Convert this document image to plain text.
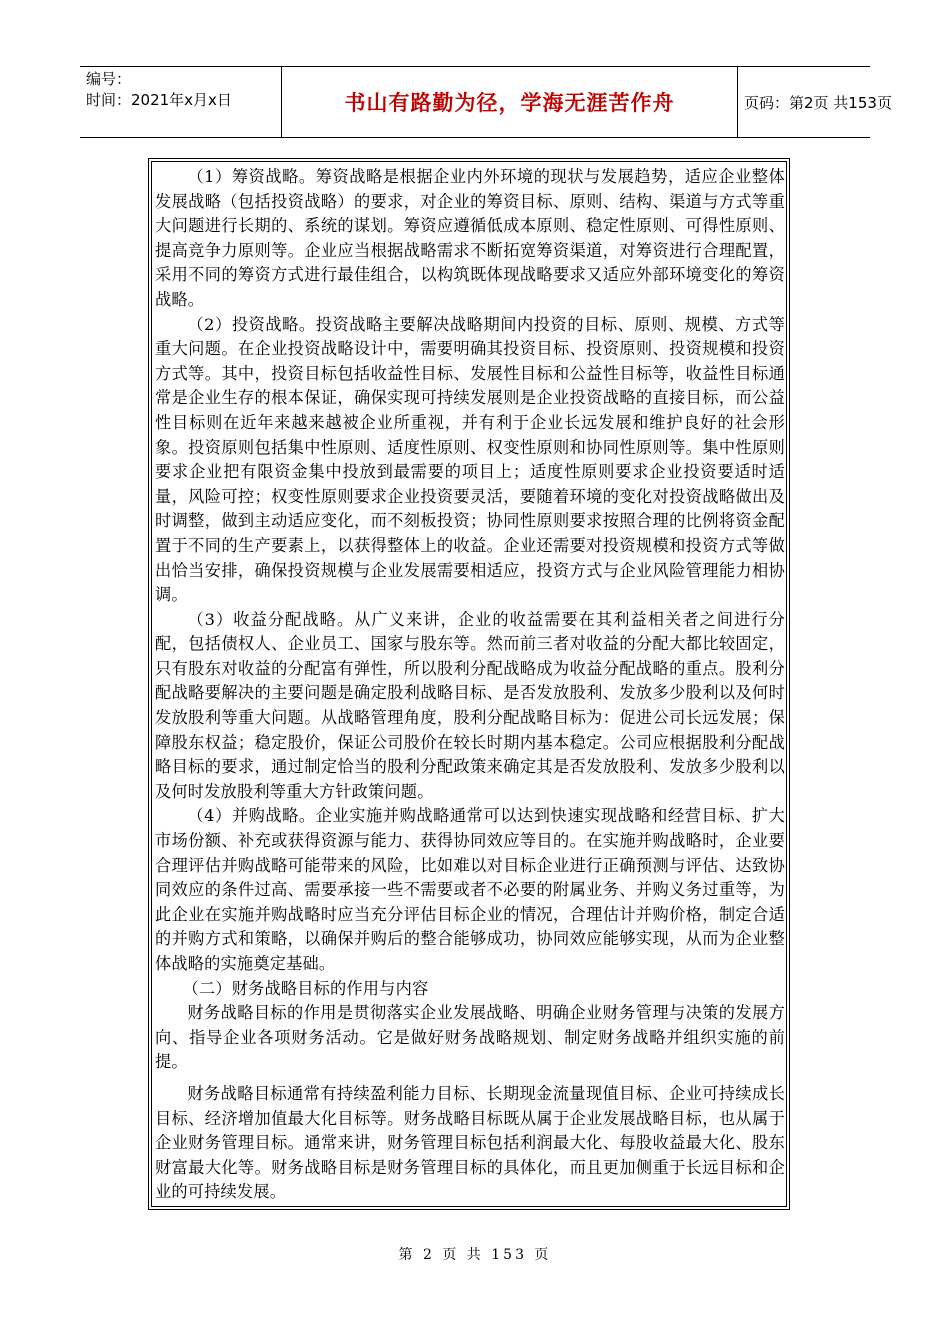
编号：
时间：2021年x月x日	书山有路勤为径，学海无涯苦作舟	页码：第2页 共153页

（1）筹资战略。筹资战略是根据企业内外环境的现状与发展趋势，适应企业整体发展战略（包括投资战略）的要求，对企业的筹资目标、原则、结构、渠道与方式等重大问题进行长期的、系统的谋划。筹资应遵循低成本原则、稳定性原则、可得性原则、提高竞争力原则等。企业应当根据战略需求不断拓宽筹资渠道，对筹资进行合理配置，采用不同的筹资方式进行最佳组合，以构筑既体现战略要求又适应外部环境变化的筹资战略。

（2）投资战略。投资战略主要解决战略期间内投资的目标、原则、规模、方式等重大问题。在企业投资战略设计中，需要明确其投资目标、投资原则、投资规模和投资方式等。其中，投资目标包括收益性目标、发展性目标和公益性目标等，收益性目标通常是企业生存的根本保证，确保实现可持续发展则是企业投资战略的直接目标，而公益性目标则在近年来越来越被企业所重视，并有利于企业长远发展和维护良好的社会形象。投资原则包括集中性原则、适度性原则、权变性原则和协同性原则等。集中性原则要求企业把有限资金集中投放到最需要的项目上；适度性原则要求企业投资要适时适量，风险可控；权变性原则要求企业投资要灵活，要随着环境的变化对投资战略做出及时调整，做到主动适应变化，而不刻板投资；协同性原则要求按照合理的比例将资金配置于不同的生产要素上，以获得整体上的收益。企业还需要对投资规模和投资方式等做出恰当安排，确保投资规模与企业发展需要相适应，投资方式与企业风险管理能力相协调。

（3）收益分配战略。从广义来讲，企业的收益需要在其利益相关者之间进行分配，包括债权人、企业员工、国家与股东等。然而前三者对收益的分配大都比较固定，只有股东对收益的分配富有弹性，所以股利分配战略成为收益分配战略的重点。股利分配战略要解决的主要问题是确定股利战略目标、是否发放股利、发放多少股利以及何时发放股利等重大问题。从战略管理角度，股利分配战略目标为：促进公司长远发展；保障股东权益；稳定股价，保证公司股价在较长时期内基本稳定。公司应根据股利分配战略目标的要求，通过制定恰当的股利分配政策来确定其是否发放股利、发放多少股利以及何时发放股利等重大方针政策问题。

（4）并购战略。企业实施并购战略通常可以达到快速实现战略和经营目标、扩大市场份额、补充或获得资源与能力、获得协同效应等目的。在实施并购战略时，企业要合理评估并购战略可能带来的风险，比如难以对目标企业进行正确预测与评估、达致协同效应的条件过高、需要承接一些不需要或者不必要的附属业务、并购义务过重等，为此企业在实施并购战略时应当充分评估目标企业的情况，合理估计并购价格，制定合适的并购方式和策略，以确保并购后的整合能够成功，协同效应能够实现，从而为企业整体战略的实施奠定基础。

（二）财务战略目标的作用与内容

财务战略目标的作用是贯彻落实企业发展战略、明确企业财务管理与决策的发展方向、指导企业各项财务活动。它是做好财务战略规划、制定财务战略并组织实施的前提。

财务战略目标通常有持续盈利能力目标、长期现金流量现值目标、企业可持续成长目标、经济增加值最大化目标等。财务战略目标既从属于企业发展战略目标，也从属于企业财务管理目标。通常来讲，财务管理目标包括利润最大化、每股收益最大化、股东财富最大化等。财务战略目标是财务管理目标的具体化，而且更加侧重于长远目标和企业的可持续发展。

第 2 页 共 153 页
